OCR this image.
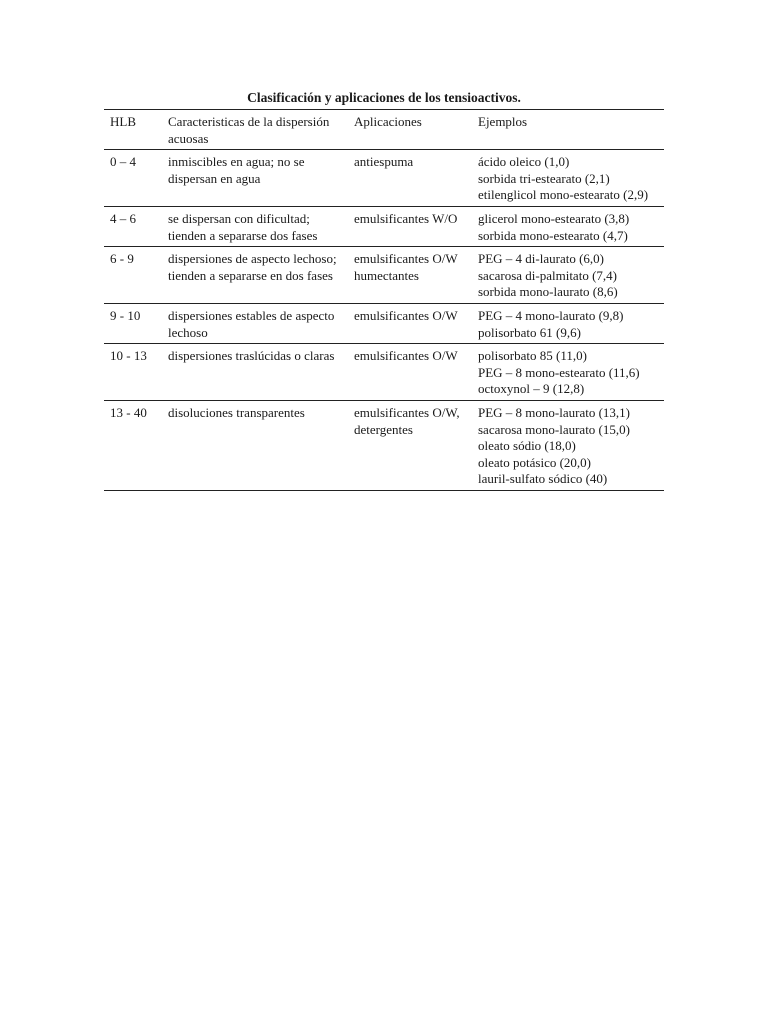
Clasificación y aplicaciones de los tensioactivos.
HLB	Caracteristicas de la dispersión acuosas	Aplicaciones	Ejemplos
0 – 4	inmiscibles en agua; no se dispersan en agua	antiespuma	ácido oleico (1,0)
sorbida tri-estearato (2,1)
etilenglicol mono-estearato (2,9)

4 – 6	se dispersan con dificultad; tienden a separarse dos fases	emulsificantes W/O	glicerol mono-estearato (3,8)
sorbida mono-estearato (4,7)

6 - 9	dispersiones de aspecto lechoso; tienden a separarse en dos fases	emulsificantes O/W humectantes	PEG – 4 di-laurato (6,0)
sacarosa di-palmitato (7,4)
sorbida mono-laurato (8,6)

9 - 10	dispersiones estables de aspecto lechoso	emulsificantes O/W	PEG – 4 mono-laurato (9,8)
polisorbato 61 (9,6)

10 - 13	dispersiones traslúcidas o claras	emulsificantes O/W	polisorbato 85 (11,0)
PEG – 8 mono-estearato (11,6)
octoxynol – 9 (12,8)

13 - 40	disoluciones transparentes	emulsificantes O/W, detergentes	PEG – 8 mono-laurato (13,1)
sacarosa mono-laurato (15,0)
oleato sódio (18,0)
oleato potásico (20,0)
lauril-sulfato sódico (40)
